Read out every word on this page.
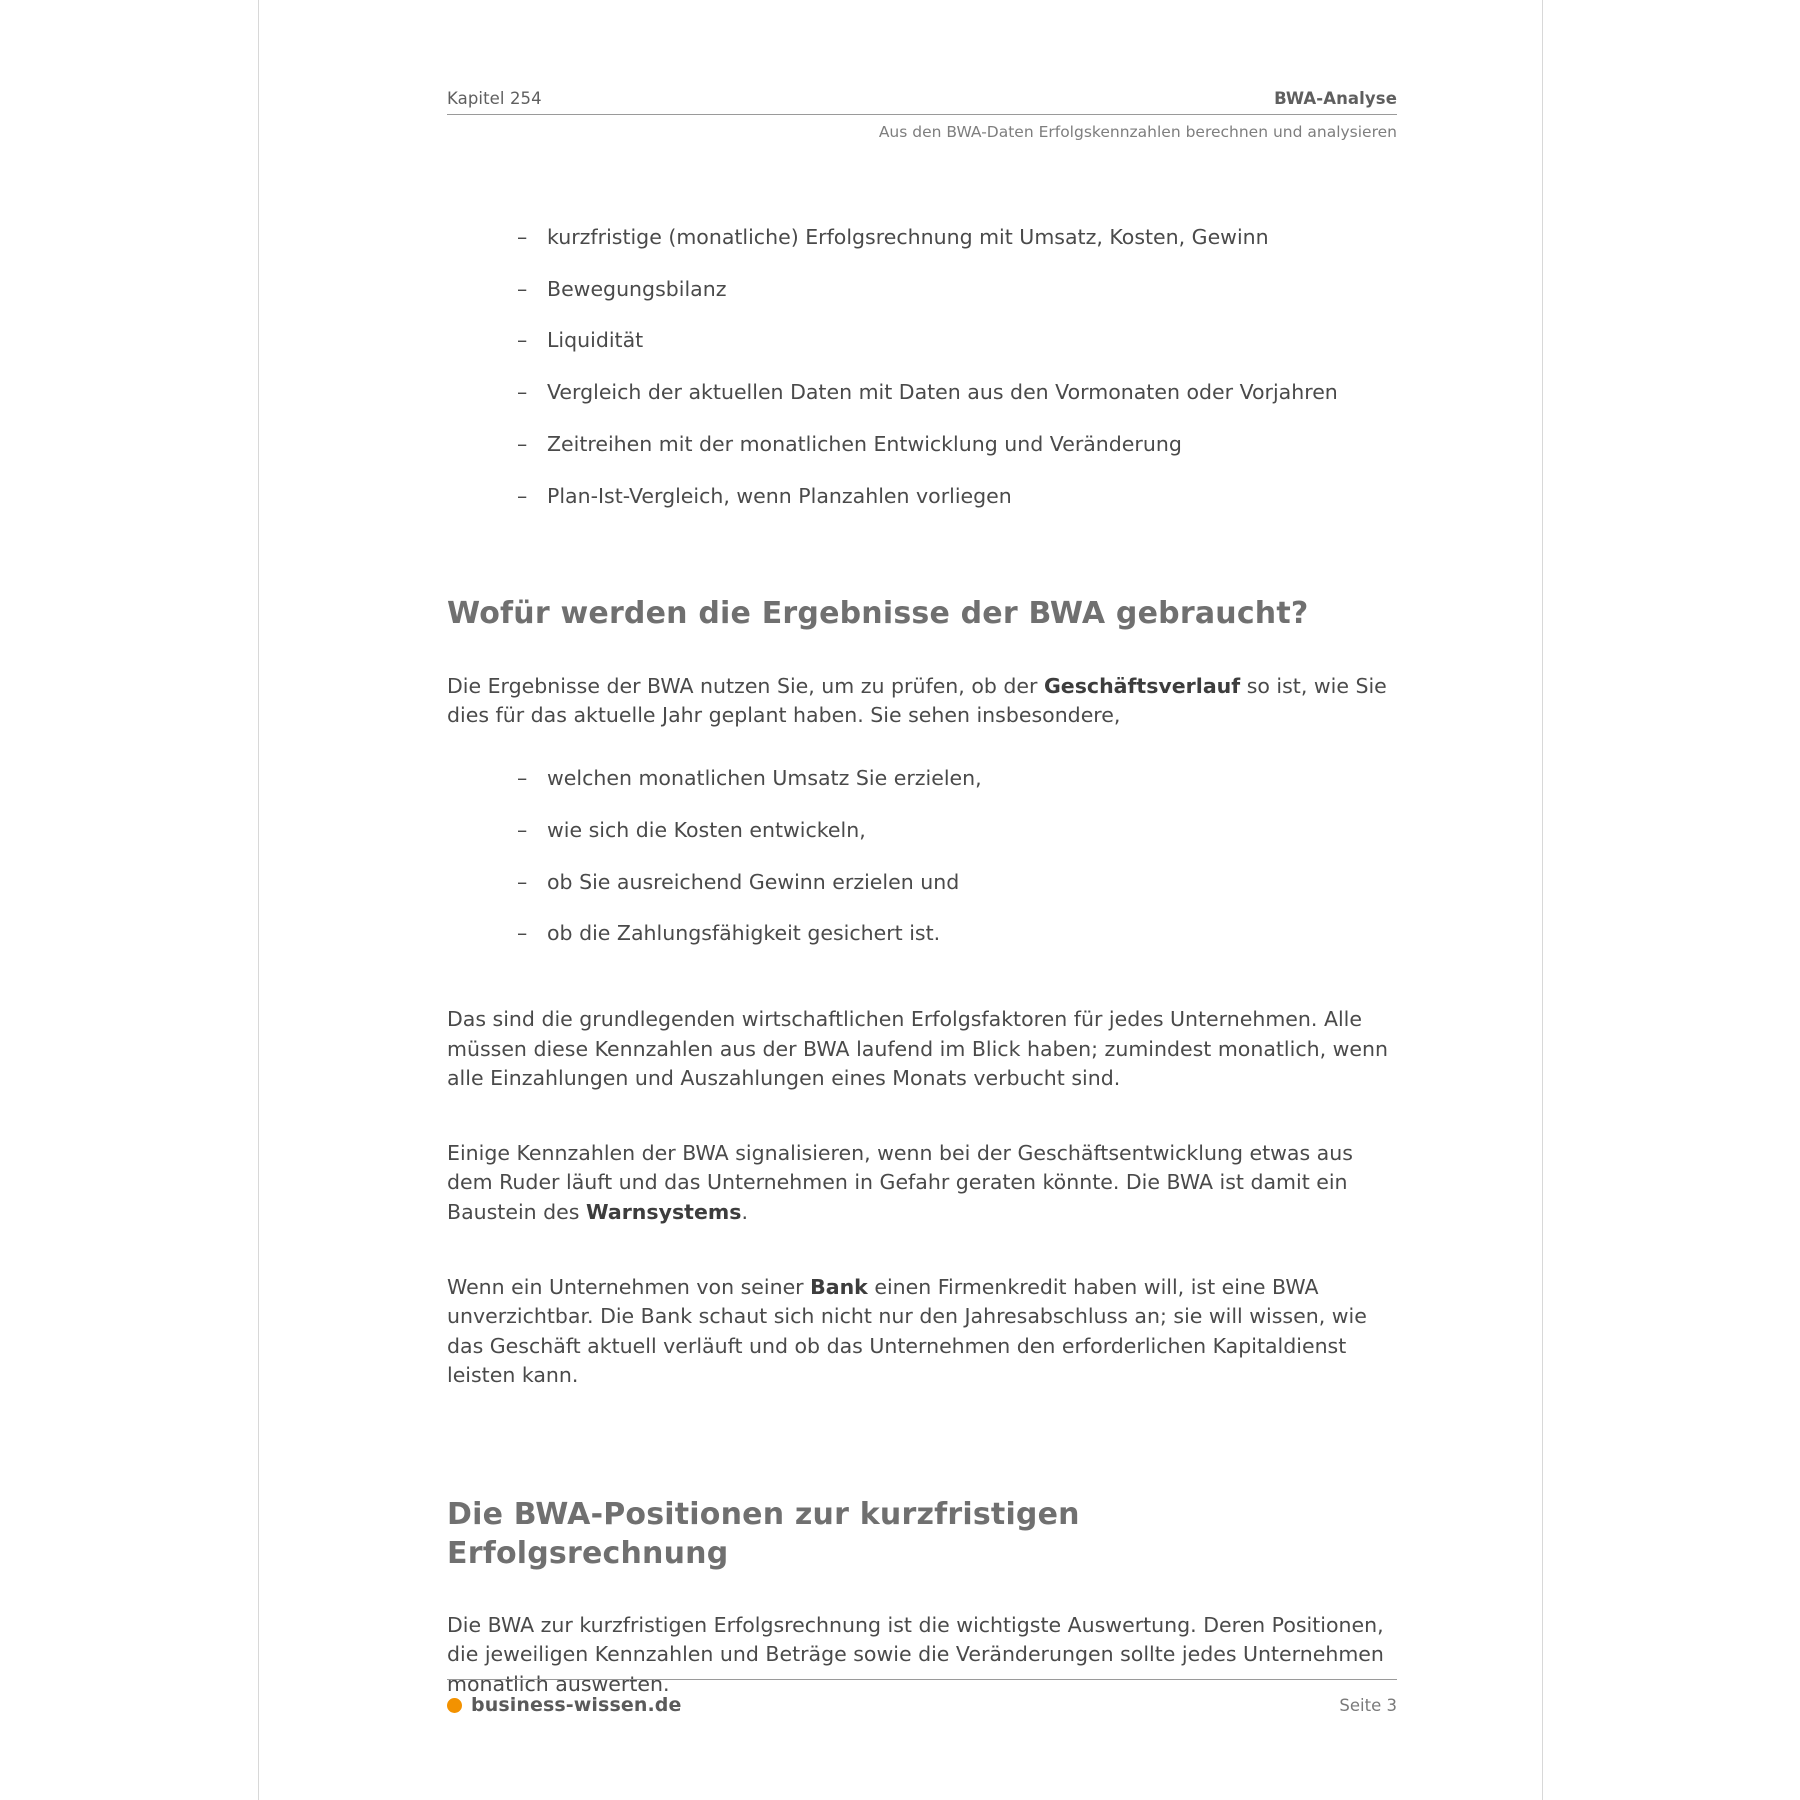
Kapitel 254	BWA-Analyse
Aus den BWA-Daten Erfolgskennzahlen berechnen und analysieren
– kurzfristige (monatliche) Erfolgsrechnung mit Umsatz, Kosten, Gewinn
– Bewegungsbilanz
– Liquidität
– Vergleich der aktuellen Daten mit Daten aus den Vormonaten oder Vorjahren
– Zeitreihen mit der monatlichen Entwicklung und Veränderung
– Plan-Ist-Vergleich, wenn Planzahlen vorliegen
Wofür werden die Ergebnisse der BWA gebraucht?

Die Ergebnisse der BWA nutzen Sie, um zu prüfen, ob der Geschäftsverlauf so ist, wie Sie dies für das aktuelle Jahr geplant haben. Sie sehen insbesondere,

– welchen monatlichen Umsatz Sie erzielen,
– wie sich die Kosten entwickeln,
– ob Sie ausreichend Gewinn erzielen und
– ob die Zahlungsfähigkeit gesichert ist.

Das sind die grundlegenden wirtschaftlichen Erfolgsfaktoren für jedes Unternehmen. Alle müssen diese Kennzahlen aus der BWA laufend im Blick haben; zumindest monatlich, wenn alle Einzahlungen und Auszahlungen eines Monats verbucht sind.

Einige Kennzahlen der BWA signalisieren, wenn bei der Geschäftsentwicklung etwas aus dem Ruder läuft und das Unternehmen in Gefahr geraten könnte. Die BWA ist damit ein Baustein des Warnsystems.

Wenn ein Unternehmen von seiner Bank einen Firmenkredit haben will, ist eine BWA unverzichtbar. Die Bank schaut sich nicht nur den Jahresabschluss an; sie will wissen, wie das Geschäft aktuell verläuft und ob das Unternehmen den erforderlichen Kapitaldienst leisten kann.

Die BWA-Positionen zur kurzfristigen
Erfolgsrechnung

Die BWA zur kurzfristigen Erfolgsrechnung ist die wichtigste Auswertung. Deren Positionen, die jeweiligen Kennzahlen und Beträge sowie die Veränderungen sollte jedes Unternehmen monatlich auswerten.

business-wissen.de	Seite 3
